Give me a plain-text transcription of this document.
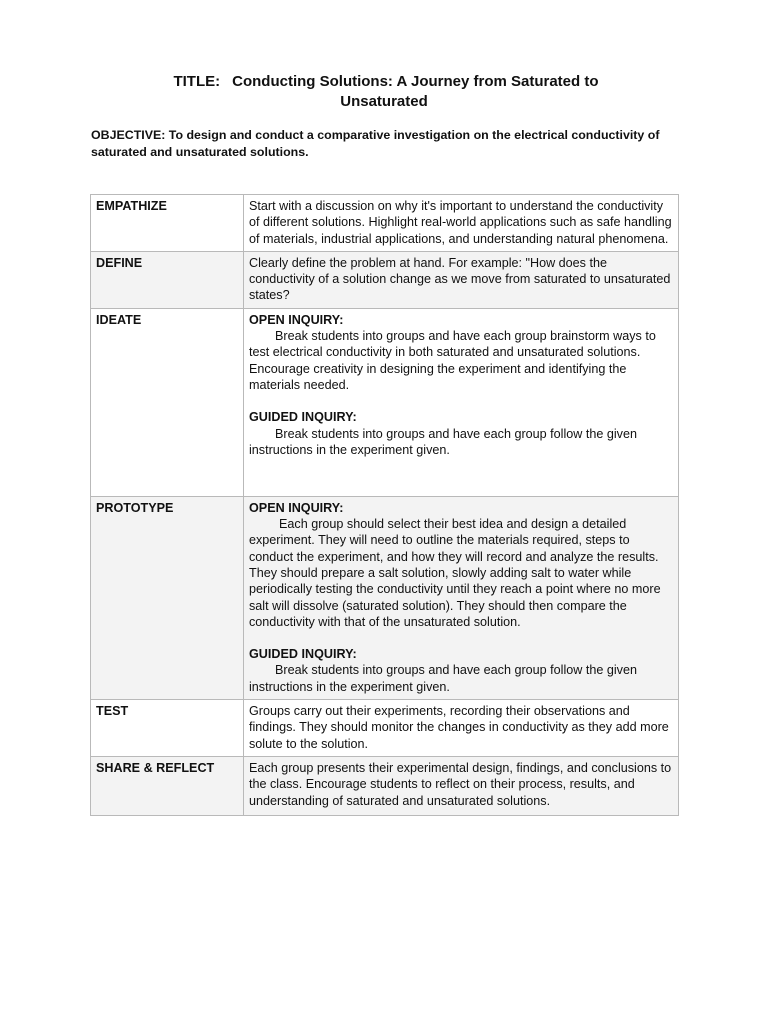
TITLE: Conducting Solutions: A Journey from Saturated to
Unsaturated
OBJECTIVE: To design and conduct a comparative investigation on the electrical conductivity of saturated and unsaturated solutions.
EMPATHIZE	Start with a discussion on why it's important to understand the conductivity of different solutions. Highlight real-world applications such as safe handling of materials, industrial applications, and understanding natural phenomena.
DEFINE	Clearly define the problem at hand. For example: "How does the conductivity of a solution change as we move from saturated to unsaturated states?
IDEATE	OPEN INQUIRY:
Break students into groups and have each group brainstorm ways to test electrical conductivity in both saturated and unsaturated solutions. Encourage creativity in designing the experiment and identifying the materials needed.
GUIDED INQUIRY:
Break students into groups and have each group follow the given instructions in the experiment given.

PROTOTYPE	OPEN INQUIRY:
Each group should select their best idea and design a detailed experiment. They will need to outline the materials required, steps to conduct the experiment, and how they will record and analyze the results. They should prepare a salt solution, slowly adding salt to water while periodically testing the conductivity until they reach a point where no more salt will dissolve (saturated solution). They should then compare the conductivity with that of the unsaturated solution.
GUIDED INQUIRY:
Break students into groups and have each group follow the given instructions in the experiment given.

TEST	Groups carry out their experiments, recording their observations and findings. They should monitor the changes in conductivity as they add more solute to the solution.
SHARE & REFLECT	Each group presents their experimental design, findings, and conclusions to the class. Encourage students to reflect on their process, results, and understanding of saturated and unsaturated solutions.
